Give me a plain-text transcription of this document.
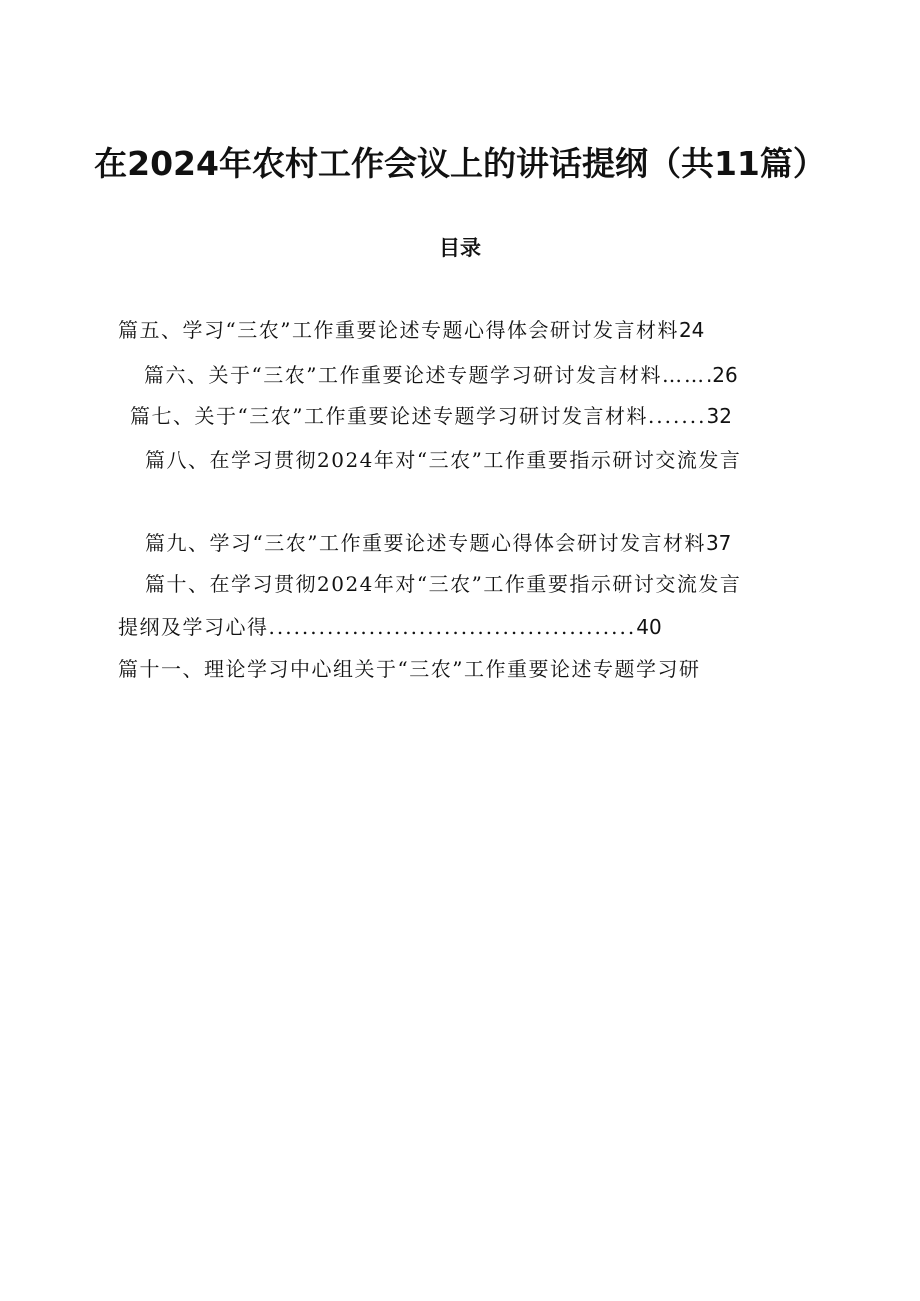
在2024年农村工作会议上的讲话提纲（共11篇）
目录
篇五、学习“三农”工作重要论述专题心得体会研讨发言材料24
篇六、关于“三农”工作重要论述专题学习研讨发言材料…….26
篇七、关于“三农”工作重要论述专题学习研讨发言材料.......32
篇八、在学习贯彻2024年对“三农”工作重要指示研讨交流发言
篇九、学习“三农”工作重要论述专题心得体会研讨发言材料37
篇十、在学习贯彻2024年对“三农”工作重要指示研讨交流发言
提纲及学习心得............................................40
篇十一、理论学习中心组关于“三农”工作重要论述专题学习研
